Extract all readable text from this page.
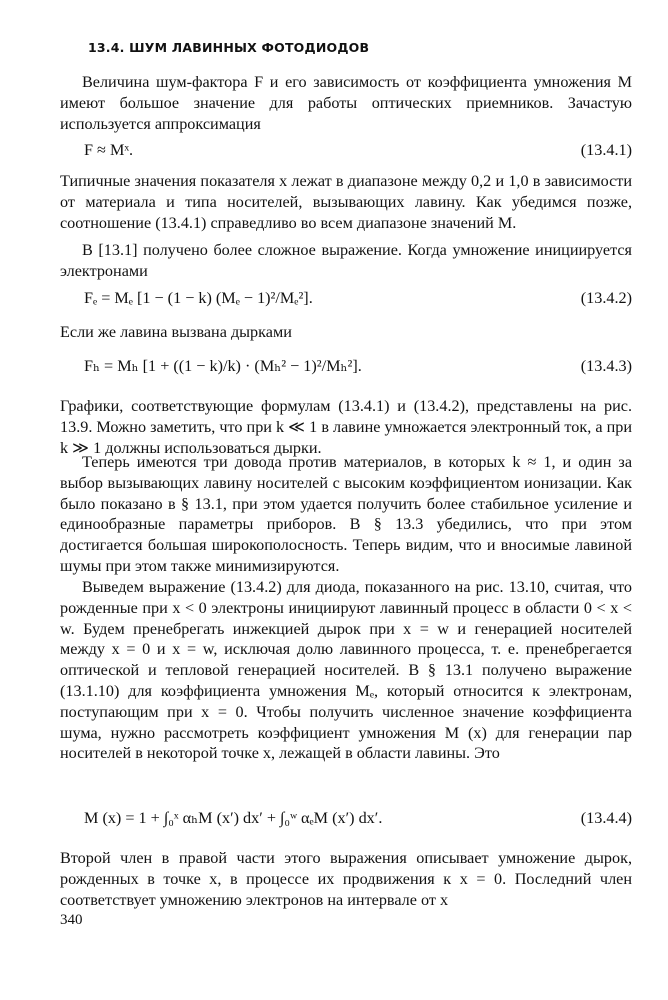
13.4. ШУМ ЛАВИННЫХ ФОТОДИОДОВ
Величина шум-фактора F и его зависимость от коэффициента умножения M имеют большое значение для работы оптических приемников. Зачастую используется аппроксимация
F ≈ Mˣ.	(13.4.1)
Типичные значения показателя x лежат в диапазоне между 0,2 и 1,0 в зависимости от материала и типа носителей, вызывающих лавину. Как убедимся позже, соотношение (13.4.1) справедливо во всем диапазоне значений M.
В [13.1] получено более сложное выражение. Когда умножение инициируется электронами
Fₑ = Mₑ [1 − (1 − k) (Mₑ − 1)²/Mₑ²].	(13.4.2)
Если же лавина вызвана дырками
Fₕ = Mₕ [1 + ((1 − k)/k) · (Mₕ² − 1)²/Mₕ²].	(13.4.3)
Графики, соответствующие формулам (13.4.1) и (13.4.2), представлены на рис. 13.9. Можно заметить, что при k ≪ 1 в лавине умножается электронный ток, а при k ≫ 1 должны использоваться дырки.
Теперь имеются три довода против материалов, в которых k ≈ 1, и один за выбор вызывающих лавину носителей с высоким коэффициентом ионизации. Как было показано в § 13.1, при этом удается получить более стабильное усиление и единообразные параметры приборов. В § 13.3 убедились, что при этом достигается большая широкополосность. Теперь видим, что и вносимые лавиной шумы при этом также минимизируются.
Выведем выражение (13.4.2) для диода, показанного на рис. 13.10, считая, что рожденные при x < 0 электроны инициируют лавинный процесс в области 0 < x < w. Будем пренебрегать инжекцией дырок при x = w и генерацией носителей между x = 0 и x = w, исключая долю лавинного процесса, т. е. пренебрегается оптической и тепловой генерацией носителей. В § 13.1 получено выражение (13.1.10) для коэффициента умножения Mₑ, который относится к электронам, поступающим при x = 0. Чтобы получить численное значение коэффициента шума, нужно рассмотреть коэффициент умножения M (x) для генерации пар носителей в некоторой точке x, лежащей в области лавины. Это
M (x) = 1 + ∫₀ˣ αₕM (x′) dx′ + ∫₀ʷ αₑM (x′) dx′.	(13.4.4)
Второй член в правой части этого выражения описывает умножение дырок, рожденных в точке x, в процессе их продвижения к x = 0. Последний член соответствует умножению электронов на интервале от x
340
